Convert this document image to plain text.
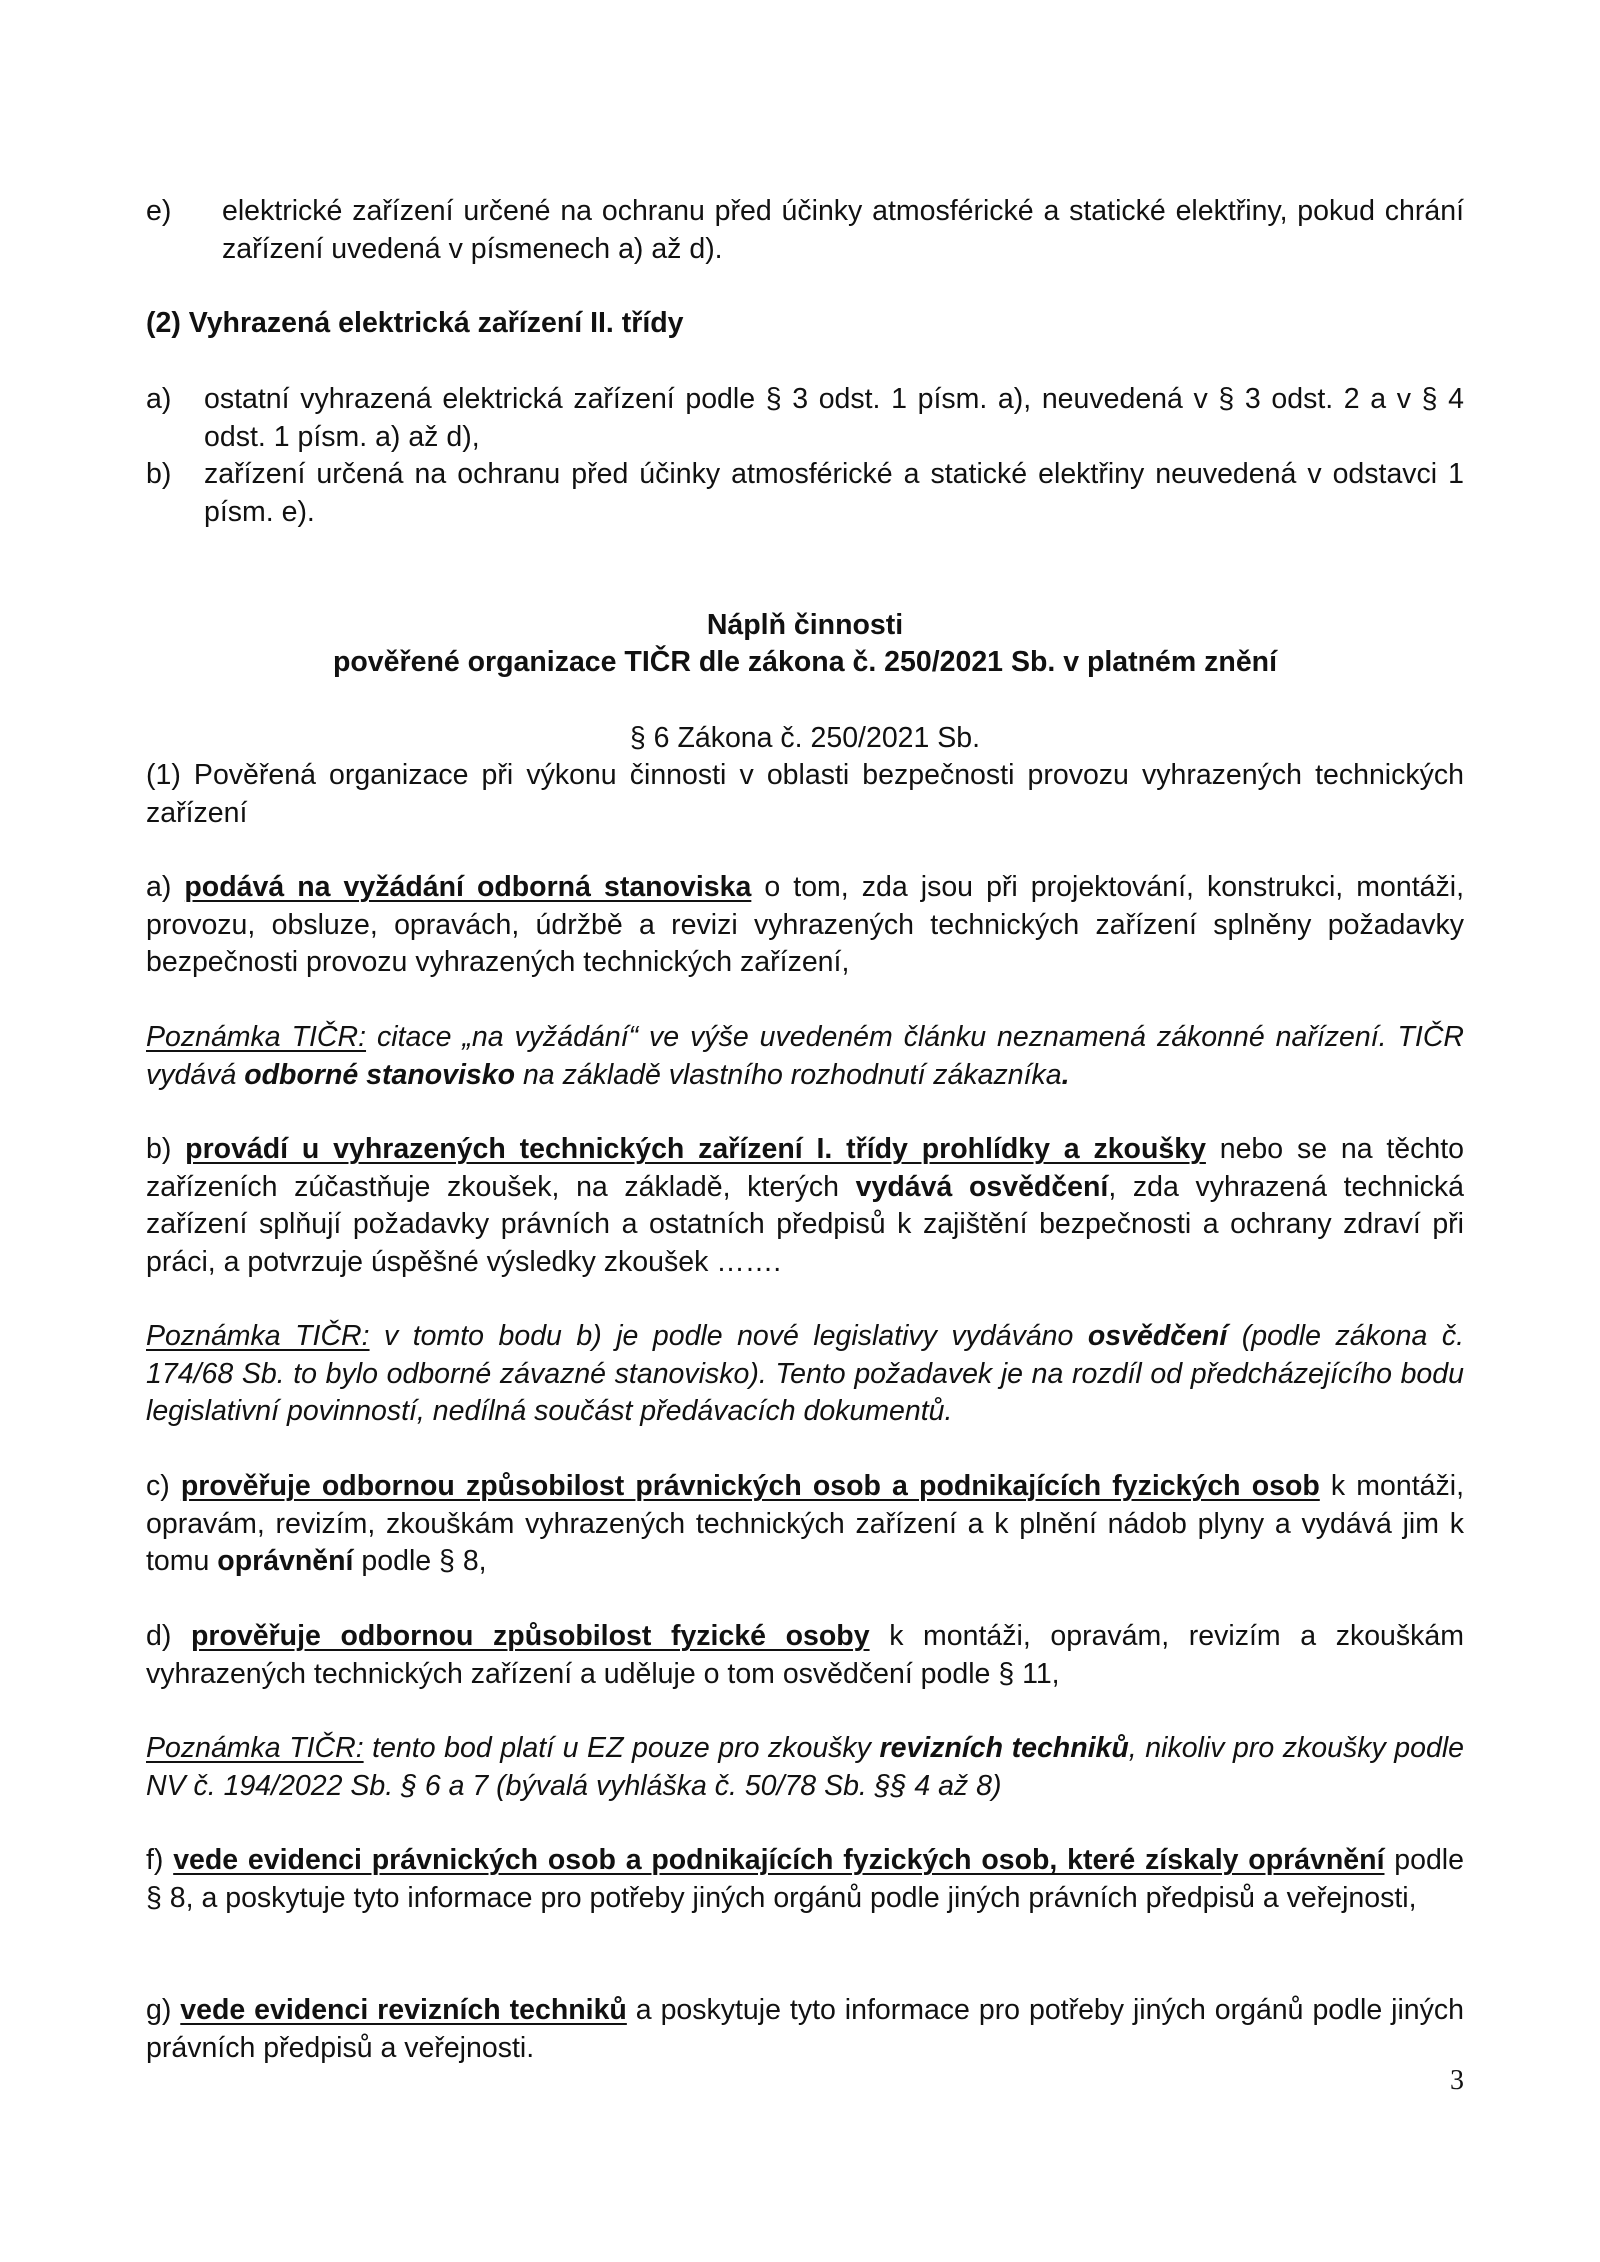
e) elektrické zařízení určené na ochranu před účinky atmosférické a statické elektřiny, pokud chrání zařízení uvedená v písmenech a) až d).
(2) Vyhrazená elektrická zařízení II. třídy
a) ostatní vyhrazená elektrická zařízení podle § 3 odst. 1 písm. a), neuvedená v § 3 odst. 2 a v § 4 odst. 1 písm. a) až d),
b) zařízení určená na ochranu před účinky atmosférické a statické elektřiny neuvedená v odstavci 1 písm. e).
Náplň činnosti
pověřené organizace TIČR dle zákona č. 250/2021 Sb. v platném znění
§ 6 Zákona č. 250/2021 Sb.
(1) Pověřená organizace při výkonu činnosti v oblasti bezpečnosti provozu vyhrazených technických zařízení
a) podává na vyžádání odborná stanoviska o tom, zda jsou při projektování, konstrukci, montáži, provozu, obsluze, opravách, údržbě a revizi vyhrazených technických zařízení splněny požadavky bezpečnosti provozu vyhrazených technických zařízení,
Poznámka TIČR: citace „na vyžádání“ ve výše uvedeném článku neznamená zákonné nařízení. TIČR vydává odborné stanovisko na základě vlastního rozhodnutí zákazníka.
b) provádí u vyhrazených technických zařízení I. třídy prohlídky a zkoušky nebo se na těchto zařízeních zúčastňuje zkoušek, na základě, kterých vydává osvědčení, zda vyhrazená technická zařízení splňují požadavky právních a ostatních předpisů k zajištění bezpečnosti a ochrany zdraví při práci, a potvrzuje úspěšné výsledky zkoušek …….
Poznámka TIČR: v tomto bodu b) je podle nové legislativy vydáváno osvědčení (podle zákona č. 174/68 Sb. to bylo odborné závazné stanovisko). Tento požadavek je na rozdíl od předcházejícího bodu legislativní povinností, nedílná součást předávacích dokumentů.
c) prověřuje odbornou způsobilost právnických osob a podnikajících fyzických osob k montáži, opravám, revizím, zkouškám vyhrazených technických zařízení a k plnění nádob plyny a vydává jim k tomu oprávnění podle § 8,
d) prověřuje odbornou způsobilost fyzické osoby k montáži, opravám, revizím a zkouškám vyhrazených technických zařízení a uděluje o tom osvědčení podle § 11,
Poznámka TIČR: tento bod platí u EZ pouze pro zkoušky revizních techniků, nikoliv pro zkoušky podle NV č. 194/2022 Sb. § 6 a 7 (bývalá vyhláška č. 50/78 Sb. §§ 4 až 8)
f) vede evidenci právnických osob a podnikajících fyzických osob, které získaly oprávnění podle § 8, a poskytuje tyto informace pro potřeby jiných orgánů podle jiných právních předpisů a veřejnosti,
g) vede evidenci revizních techniků a poskytuje tyto informace pro potřeby jiných orgánů podle jiných právních předpisů a veřejnosti.
3
